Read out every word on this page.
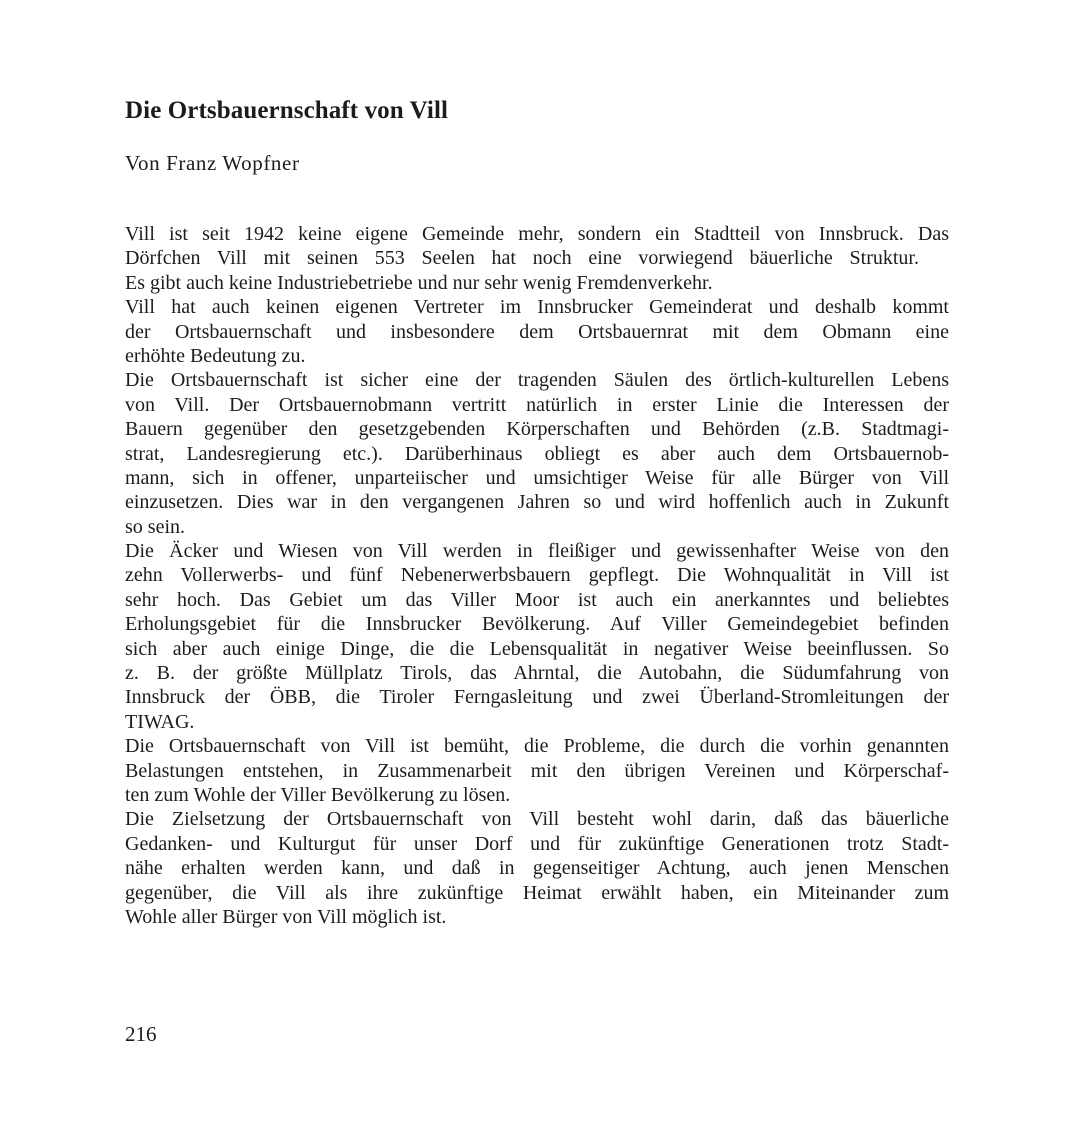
Die Ortsbauernschaft von Vill
Von Franz Wopfner
Vill ist seit 1942 keine eigene Gemeinde mehr, sondern ein Stadtteil von Innsbruck. Das
Dörfchen Vill mit seinen 553 Seelen hat noch eine vorwiegend bäuerliche Struktur.
Es gibt auch keine Industriebetriebe und nur sehr wenig Fremdenverkehr.
Vill hat auch keinen eigenen Vertreter im Innsbrucker Gemeinderat und deshalb kommt
der Ortsbauernschaft und insbesondere dem Ortsbauernrat mit dem Obmann eine
erhöhte Bedeutung zu.
Die Ortsbauernschaft ist sicher eine der tragenden Säulen des örtlich-kulturellen Lebens
von Vill. Der Ortsbauernobmann vertritt natürlich in erster Linie die Interessen der
Bauern gegenüber den gesetzgebenden Körperschaften und Behörden (z.B. Stadtmagi-
strat, Landesregierung etc.). Darüberhinaus obliegt es aber auch dem Ortsbauernob-
mann, sich in offener, unparteiischer und umsichtiger Weise für alle Bürger von Vill
einzusetzen. Dies war in den vergangenen Jahren so und wird hoffenlich auch in Zukunft
so sein.
Die Äcker und Wiesen von Vill werden in fleißiger und gewissenhafter Weise von den
zehn Vollerwerbs- und fünf Nebenerwerbsbauern gepflegt. Die Wohnqualität in Vill ist
sehr hoch. Das Gebiet um das Viller Moor ist auch ein anerkanntes und beliebtes
Erholungsgebiet für die Innsbrucker Bevölkerung. Auf Viller Gemeindegebiet befinden
sich aber auch einige Dinge, die die Lebensqualität in negativer Weise beeinflussen. So
z. B. der größte Müllplatz Tirols, das Ahrntal, die Autobahn, die Südumfahrung von
Innsbruck der ÖBB, die Tiroler Ferngasleitung und zwei Überland-Stromleitungen der
TIWAG.
Die Ortsbauernschaft von Vill ist bemüht, die Probleme, die durch die vorhin genannten
Belastungen entstehen, in Zusammenarbeit mit den übrigen Vereinen und Körperschaf-
ten zum Wohle der Viller Bevölkerung zu lösen.
Die Zielsetzung der Ortsbauernschaft von Vill besteht wohl darin, daß das bäuerliche
Gedanken- und Kulturgut für unser Dorf und für zukünftige Generationen trotz Stadt-
nähe erhalten werden kann, und daß in gegenseitiger Achtung, auch jenen Menschen
gegenüber, die Vill als ihre zukünftige Heimat erwählt haben, ein Miteinander zum
Wohle aller Bürger von Vill möglich ist.
216
